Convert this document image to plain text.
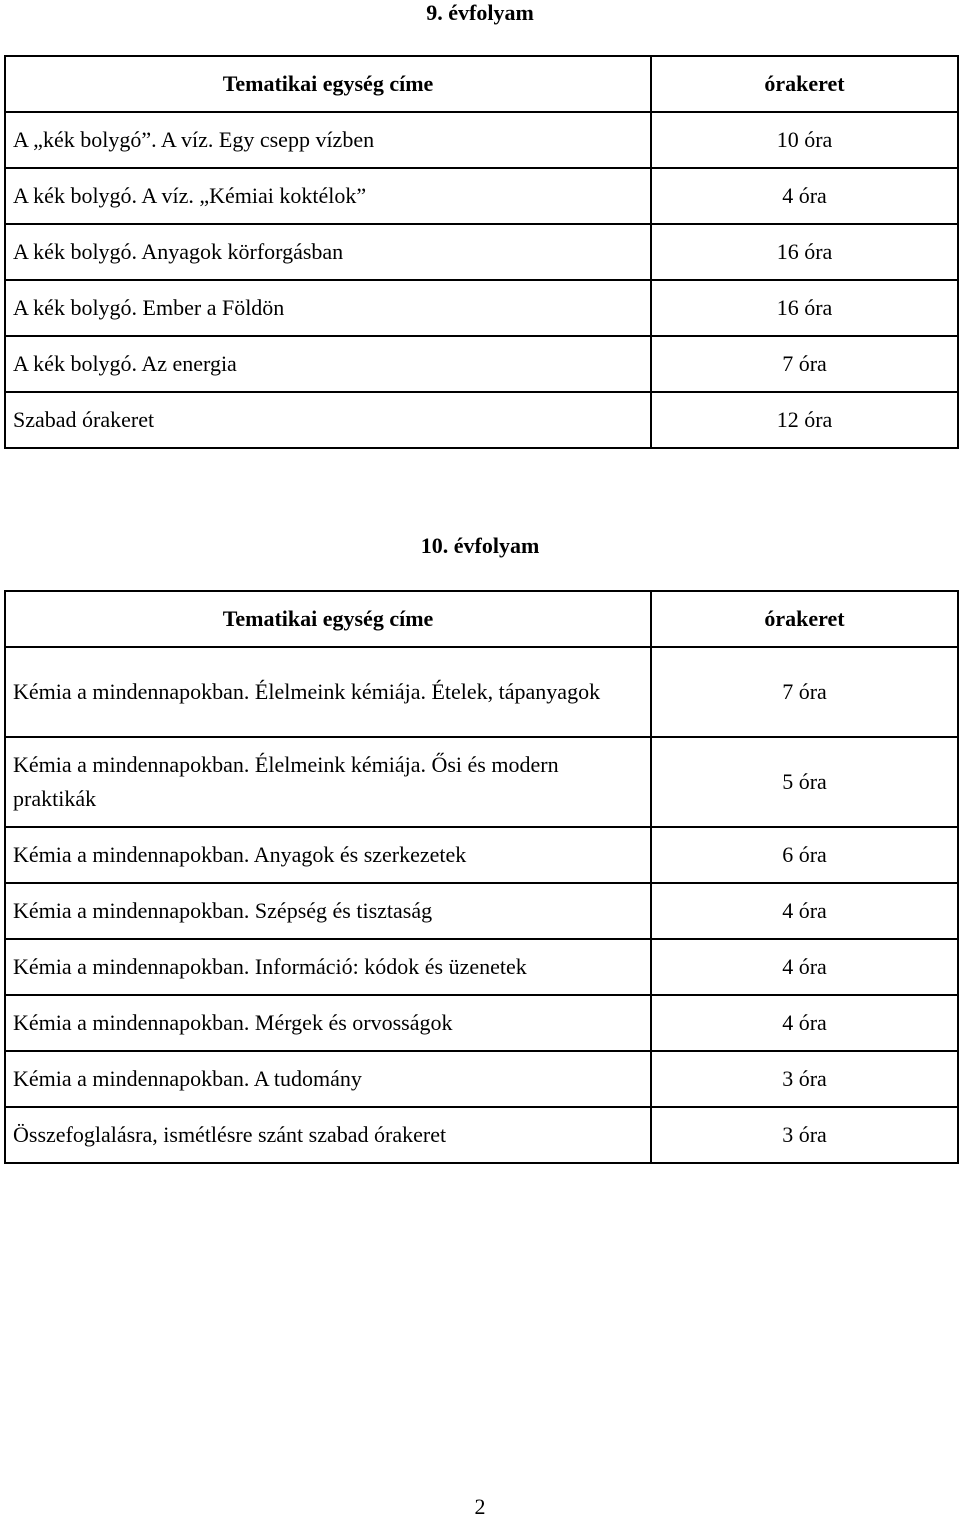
9. évfolyam
Tematikai egység címe	órakeret
A „kék bolygó”. A víz. Egy csepp vízben	10 óra
A kék bolygó. A víz. „Kémiai koktélok”	4 óra
A kék bolygó. Anyagok körforgásban	16 óra
A kék bolygó. Ember a Földön	16 óra
A kék bolygó. Az energia	7 óra
Szabad órakeret	12 óra
10. évfolyam
Tematikai egység címe	órakeret
Kémia a mindennapokban. Élelmeink kémiája. Ételek, tápanyagok	7 óra
Kémia a mindennapokban. Élelmeink kémiája. Ősi és modern praktikák	5 óra
Kémia a mindennapokban. Anyagok és szerkezetek	6 óra
Kémia a mindennapokban. Szépség és tisztaság	4 óra
Kémia a mindennapokban. Információ: kódok és üzenetek	4 óra
Kémia a mindennapokban. Mérgek és orvosságok	4 óra
Kémia a mindennapokban. A tudomány	3 óra
Összefoglalásra, ismétlésre szánt szabad órakeret	3 óra
2
